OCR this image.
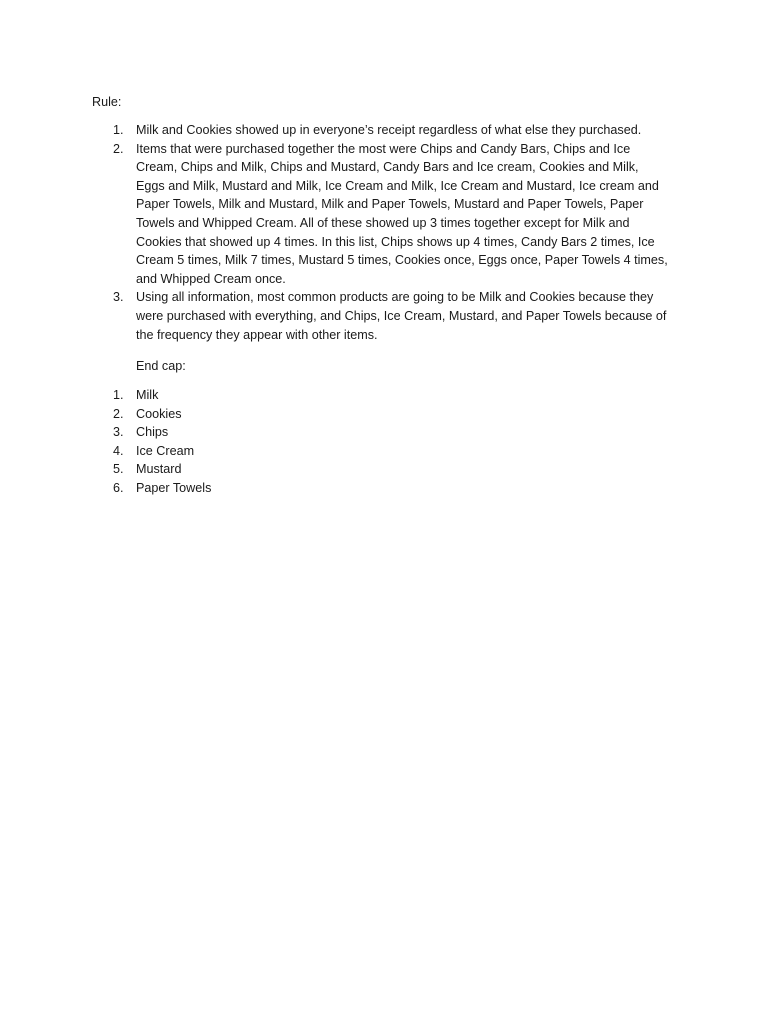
Rule:

1. Milk and Cookies showed up in everyone’s receipt regardless of what else they purchased.
2. Items that were purchased together the most were Chips and Candy Bars, Chips and Ice Cream, Chips and Milk, Chips and Mustard, Candy Bars and Ice cream, Cookies and Milk, Eggs and Milk, Mustard and Milk, Ice Cream and Milk, Ice Cream and Mustard, Ice cream and Paper Towels, Milk and Mustard, Milk and Paper Towels, Mustard and Paper Towels, Paper Towels and Whipped Cream. All of these showed up 3 times together except for Milk and Cookies that showed up 4 times. In this list, Chips shows up 4 times, Candy Bars 2 times, Ice Cream 5 times, Milk 7 times, Mustard 5 times, Cookies once, Eggs once, Paper Towels 4 times, and Whipped Cream once.
3. Using all information, most common products are going to be Milk and Cookies because they were purchased with everything, and Chips, Ice Cream, Mustard, and Paper Towels because of the frequency they appear with other items.

End cap:

1. Milk
2. Cookies
3. Chips
4. Ice Cream
5. Mustard
6. Paper Towels
